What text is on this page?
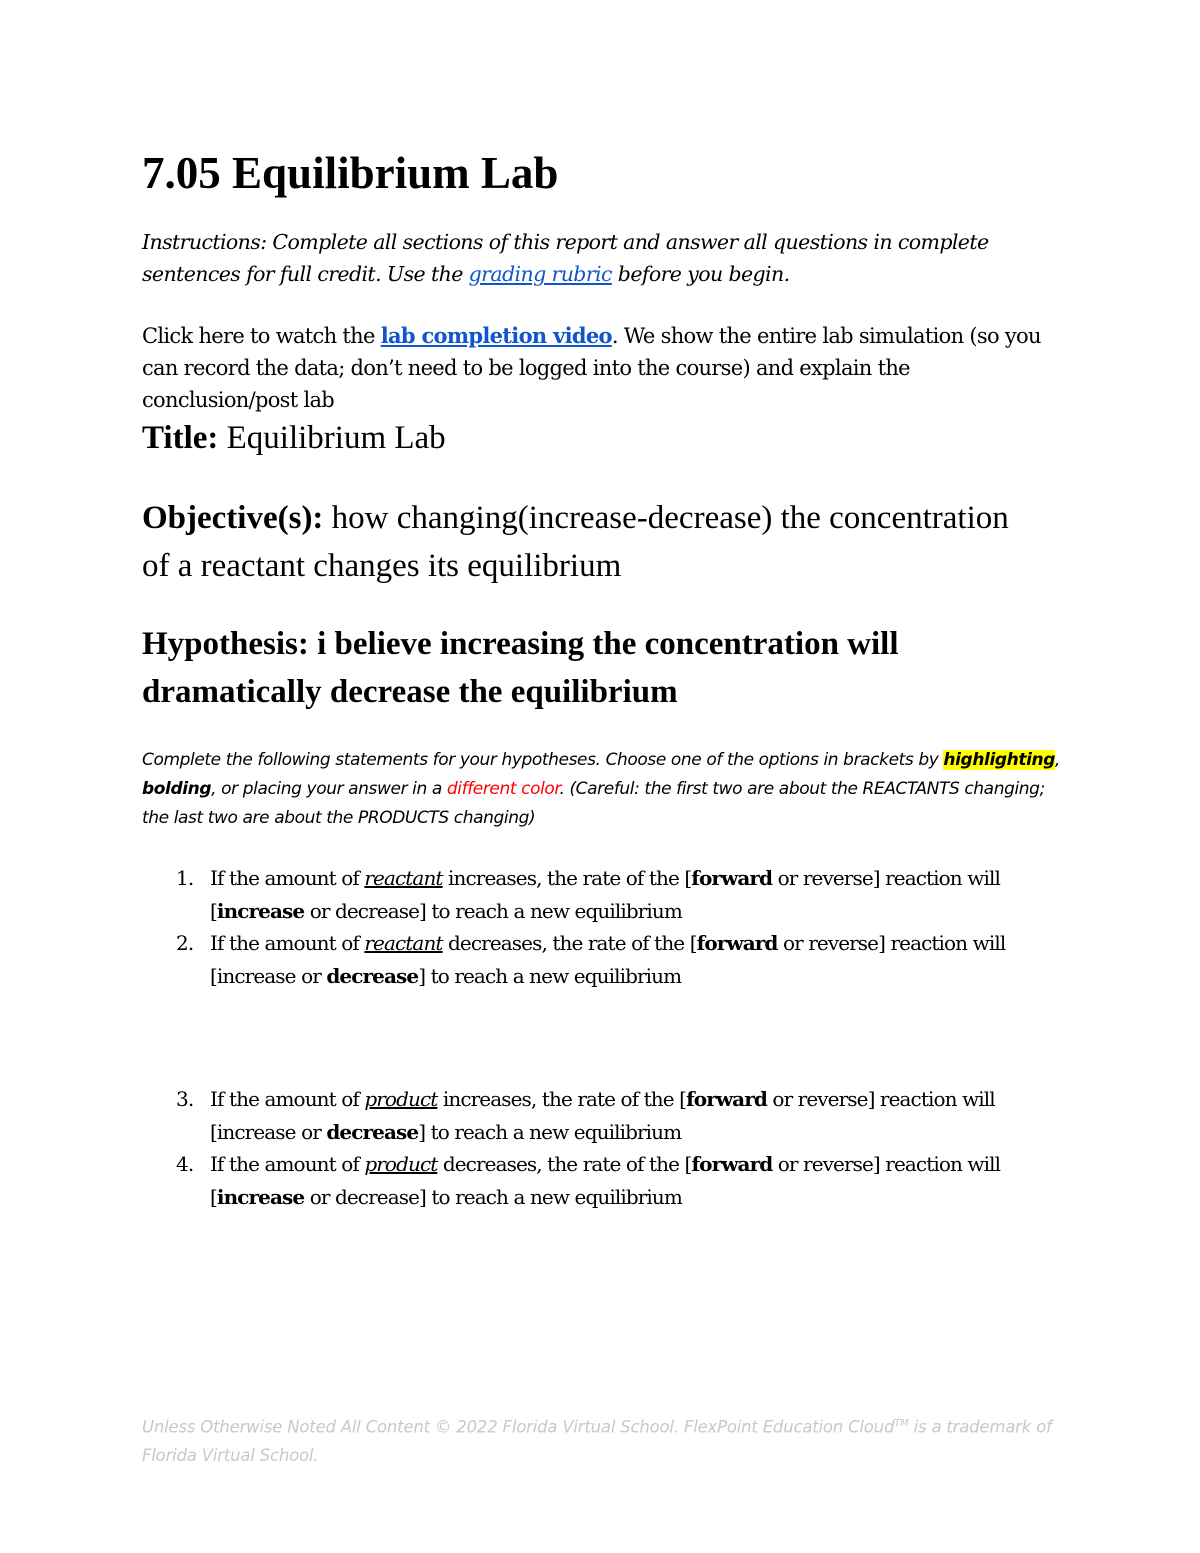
7.05 Equilibrium Lab
Instructions: Complete all sections of this report and answer all questions in complete sentences for full credit. Use the grading rubric before you begin.
Click here to watch the lab completion video. We show the entire lab simulation (so you can record the data; don’t need to be logged into the course) and explain the conclusion/post lab
Title: Equilibrium Lab
Objective(s): how changing(increase-decrease) the concentration of a reactant changes its equilibrium
Hypothesis: i believe increasing the concentration will dramatically decrease the equilibrium
Complete the following statements for your hypotheses. Choose one of the options in brackets by highlighting, bolding, or placing your answer in a different color. (Careful: the first two are about the REACTANTS changing; the last two are about the PRODUCTS changing)
1. If the amount of reactant increases, the rate of the [forward or reverse] reaction will [increase or decrease] to reach a new equilibrium
2. If the amount of reactant decreases, the rate of the [forward or reverse] reaction will [increase or decrease] to reach a new equilibrium
3. If the amount of product increases, the rate of the [forward or reverse] reaction will [increase or decrease] to reach a new equilibrium
4. If the amount of product decreases, the rate of the [forward or reverse] reaction will [increase or decrease] to reach a new equilibrium
Unless Otherwise Noted All Content © 2022 Florida Virtual School. FlexPoint Education Cloud™ is a trademark of Florida Virtual School.
